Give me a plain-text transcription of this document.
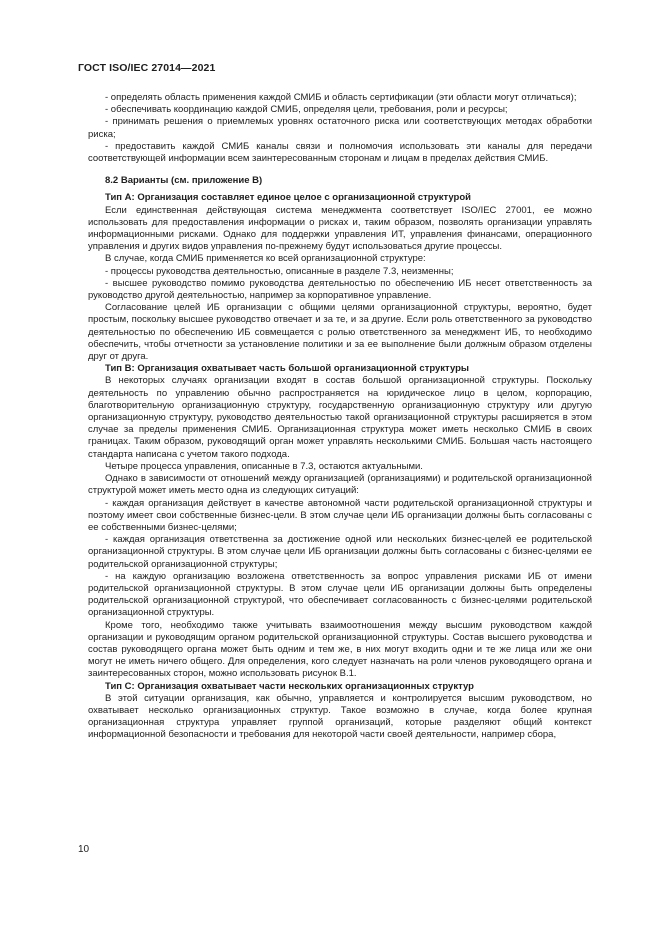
ГОСТ ISO/IEC 27014—2021

- определять область применения каждой СМИБ и область сертификации (эти области могут отличаться);

- обеспечивать координацию каждой СМИБ, определяя цели, требования, роли и ресурсы;

- принимать решения о приемлемых уровнях остаточного риска или соответствующих методах обработки риска;

- предоставить каждой СМИБ каналы связи и полномочия использовать эти каналы для передачи соответствующей информации всем заинтересованным сторонам и лицам в пределах действия СМИБ.

8.2 Варианты (см. приложение В)

Тип А: Организация составляет единое целое с организационной структурой

Если единственная действующая система менеджмента соответствует ISO/IEC 27001, ее можно использовать для предоставления информации о рисках и, таким образом, позволять организации управлять информационными рисками. Однако для поддержки управления ИТ, управления финансами, операционного управления и других видов управления по-прежнему будут использоваться другие процессы.

В случае, когда СМИБ применяется ко всей организационной структуре:

- процессы руководства деятельностью, описанные в разделе 7.3, неизменны;

- высшее руководство помимо руководства деятельностью по обеспечению ИБ несет ответственность за руководство другой деятельностью, например за корпоративное управление.

Согласование целей ИБ организации с общими целями организационной структуры, вероятно, будет простым, поскольку высшее руководство отвечает и за те, и за другие. Если роль ответственного за руководство деятельностью по обеспечению ИБ совмещается с ролью ответственного за менеджмент ИБ, то необходимо обеспечить, чтобы отчетности за установление политики и за ее выполнение были должным образом отделены друг от друга.

Тип В: Организация охватывает часть большой организационной структуры

В некоторых случаях организации входят в состав большой организационной структуры. Поскольку деятельность по управлению обычно распространяется на юридическое лицо в целом, корпорацию, благотворительную организационную структуру, государственную организационную структуру или другую организационную структуру, руководство деятельностью такой организационной структуры расширяется в этом случае за пределы применения СМИБ. Организационная структура может иметь несколько СМИБ в своих границах. Таким образом, руководящий орган может управлять несколькими СМИБ. Большая часть настоящего стандарта написана с учетом такого подхода.

Четыре процесса управления, описанные в 7.3, остаются актуальными.

Однако в зависимости от отношений между организацией (организациями) и родительской организационной структурой может иметь место одна из следующих ситуаций:

- каждая организация действует в качестве автономной части родительской организационной структуры и поэтому имеет свои собственные бизнес-цели. В этом случае цели ИБ организации должны быть согласованы с ее собственными бизнес-целями;

- каждая организация ответственна за достижение одной или нескольких бизнес-целей ее родительской организационной структуры. В этом случае цели ИБ организации должны быть согласованы с бизнес-целями ее родительской организационной структуры;

- на каждую организацию возложена ответственность за вопрос управления рисками ИБ от имени родительской организационной структуры. В этом случае цели ИБ организации должны быть определены родительской организационной структурой, что обеспечивает согласованность с бизнес-целями родительской организационной структуры.

Кроме того, необходимо также учитывать взаимоотношения между высшим руководством каждой организации и руководящим органом родительской организационной структуры. Состав высшего руководства и состав руководящего органа может быть одним и тем же, в них могут входить одни и те же лица или же они могут не иметь ничего общего. Для определения, кого следует назначать на роли членов руководящего органа и заинтересованных сторон, можно использовать рисунок В.1.

Тип С: Организация охватывает части нескольких организационных структур

В этой ситуации организация, как обычно, управляется и контролируется высшим руководством, но охватывает несколько организационных структур. Такое возможно в случае, когда более крупная организационная структура управляет группой организаций, которые разделяют общий контекст информационной безопасности и требования для некоторой части своей деятельности, например сбора,

10
